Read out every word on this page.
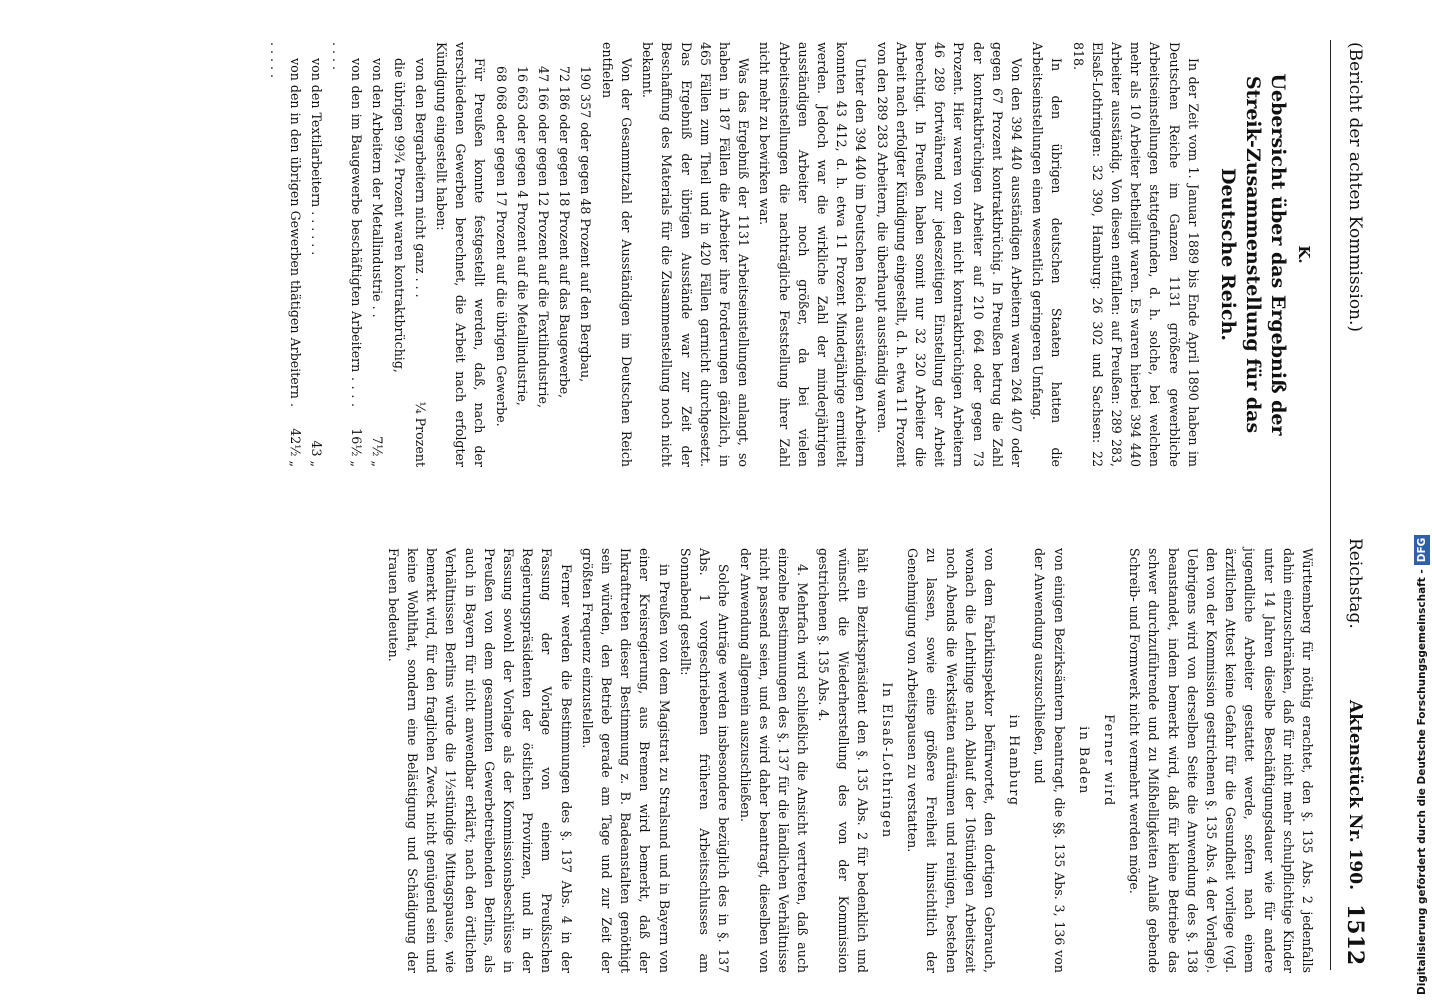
1512
Reichstag.
Aktenstück Nr. 190.
(Bericht der achten Kommission.)

Württemberg für nöthig erachtet, den §. 135 Abs. 2 jedenfalls dahin einzuschränken, daß für nicht mehr schulpflichtige Kinder unter 14 Jahren dieselbe Beschäftigungsdauer wie für andere jugendliche Arbeiter gestattet werde, sofern nach einem ärztlichen Attest keine Gefahr für die Gesundheit vorliege (vgl. den von der Kommission gestrichenen §. 135 Abs. 4 der Vorlage). Uebrigens wird von derselben Seite die Anwendung des §. 138 beanstandet, indem bemerkt wird, daß für kleine Betriebe das schwer durchzuführende und zu Mißhelligkeiten Anlaß gebende Schreib- und Formwerk nicht vermehrt werden möge.

Ferner wird

in Baden

von einigen Bezirksämtern beantragt, die §§. 135 Abs. 3, 136 von der Anwendung auszuschließen, und

in Hamburg

von dem Fabrikinspektor befürwortet, den dortigen Gebrauch, wonach die Lehrlinge nach Ablauf der 10stündigen Arbeitszeit noch Abends die Werkstätten aufräumen und reinigen, bestehen zu lassen, sowie eine größere Freiheit hinsichtlich der Genehmigung von Arbeitspausen zu verstatten.

In Elsaß-Lothringen

hält ein Bezirkspräsident den §. 135 Abs. 2 für bedenklich und wünscht die Wiederherstellung des von der Kommission gestrichenen §. 135 Abs. 4.

4. Mehrfach wird schließlich die Ansicht vertreten, daß auch einzelne Bestimmungen des §. 137 für die ländlichen Verhältnisse nicht passend seien, und es wird daher beantragt, dieselben von der Anwendung allgemein auszuschließen.

Solche Anträge werden insbesondere bezüglich des in §. 137 Abs. 1 vorgeschriebenen früheren Arbeitsschlusses am Sonnabend gestellt:

in Preußen von dem Magistrat zu Stralsund und in Bayern von einer Kreisregierung, aus Bremen wird bemerkt, daß der Inkrafttreten dieser Bestimmung z. B. Badeanstalten genöthigt sein würden, den Betrieb gerade am Tage und zur Zeit der größten Frequenz einzustellen.

Ferner werden die Bestimmungen des §. 137 Abs. 4 in der Fassung der Vorlage von einem Preußischen Regierungspräsidenten der östlichen Provinzen, und in der Fassung sowohl der Vorlage als der Kommissionsbeschlüsse in Preußen von dem gesammten Gewerbetreibenden Berlins, als auch in Bayern für nicht anwendbar erklärt; nach den örtlichen Verhältnissen Berlins würde die 1½stündige Mittagspause, wie bemerkt wird, für den fraglichen Zweck nicht genügend sein und keine Wohlthat, sondern eine Belästigung und Schädigung der Frauen bedeuten.

K.
Uebersicht über das Ergebniß der Streik-Zusammenstellung für das Deutsche Reich.

In der Zeit vom 1. Januar 1889 bis Ende April 1890 haben im Deutschen Reiche im Ganzen 1131 größere gewerbliche Arbeitseinstellungen stattgefunden, d. h. solche, bei welchen mehr als 10 Arbeiter betheiligt waren. Es waren hierbei 394 440 Arbeiter ausständig. Von diesen entfallen: auf Preußen: 289 283, Elsaß-Lothringen: 32 390, Hamburg: 26 302 und Sachsen: 22 818.

In den übrigen deutschen Staaten hatten die Arbeitseinstellungen einen wesentlich geringeren Umfang.

Von den 394 440 ausständigen Arbeitern waren 264 407 oder gegen 67 Prozent kontraktbrüchig. In Preußen betrug die Zahl der kontraktbrüchigen Arbeiter auf 210 664 oder gegen 73 Prozent. Hier waren von den nicht kontraktbrüchigen Arbeitern 46 289 fortwährend zur jedeszeitigen Einstellung der Arbeit berechtigt. In Preußen haben somit nur 32 320 Arbeiter die Arbeit nach erfolgter Kündigung eingestellt, d. h. etwa 11 Prozent von den 289 283 Arbeitern, die überhaupt ausständig waren.

Unter den 394 440 im Deutschen Reich ausständigen Arbeitern konnten 43 412, d. h. etwa 11 Prozent Minderjährige ermittelt werden. Jedoch war die wirkliche Zahl der minderjährigen ausständigen Arbeiter noch größer, da bei vielen Arbeitseinstellungen die nachträgliche Feststellung ihrer Zahl nicht mehr zu bewirken war.

Was das Ergebniß der 1131 Arbeitseinstellungen anlangt, so haben in 187 Fällen die Arbeiter ihre Forderungen gänzlich, in 465 Fällen zum Theil und in 420 Fällen garnicht durchgesetzt. Das Ergebniß der übrigen Ausstände war zur Zeit der Beschaffung des Materials für die Zusammenstellung noch nicht bekannt.

Von der Gesammtzahl der Ausständigen im Deutschen Reich entfielen

190 357 oder gegen 48 Prozent auf den Bergbau,

72 186 oder gegen 18 Prozent auf das Baugewerbe,

47 166 oder gegen 12 Prozent auf die Textilindustrie,

16 663 oder gegen 4 Prozent auf die Metallindustrie,

68 068 oder gegen 17 Prozent auf die übrigen Gewerbe.

Für Preußen konnte festgestellt werden, daß, nach der verschiedenen Gewerben berechnet, die Arbeit nach erfolgter Kündigung eingestellt haben:

von den Bergarbeitern nicht ganz . . .
¼ Prozent

die übrigen 99¾ Prozent waren kontraktbrüchig,

von den Arbeitern der Metallindustrie . .
7½ „

von den im Baugewerbe beschäftigten Arbeitern . . . . . . . .
16½ „

von den Textilarbeitern . . . . . .
43 „

von den in den übrigen Gewerben thätigen Arbeitern . . . . . .
42½ „

Digitalisierung gefördert durch die Deutsche Forschungsgemeinschaft -DFG
